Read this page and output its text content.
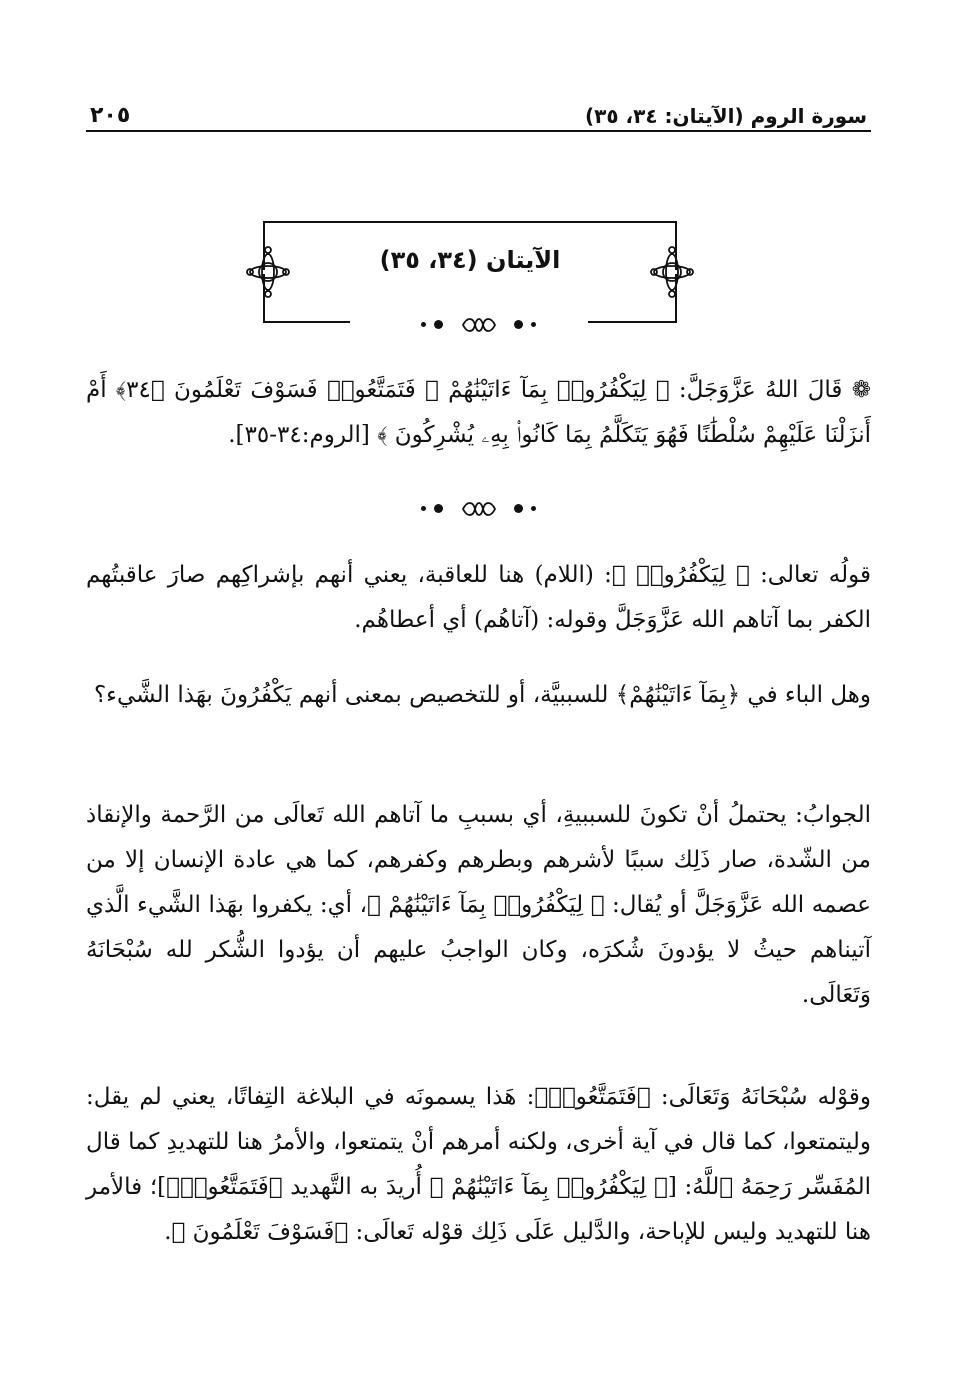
سورة الروم (الآيتان: ٣٤، ٣٥)
٢٠٥
الآيتان (٣٤، ٣٥)

❁ قَالَ اللهُ عَزَّوَجَلَّ: ﴿ لِيَكْفُرُوا۟ بِمَآ ءَاتَيْنَٰهُمْ ۚ فَتَمَتَّعُوا۟ فَسَوْفَ تَعْلَمُونَ ﴿٣٤﴾ أَمْ أَنزَلْنَا عَلَيْهِمْ سُلْطَٰنًا فَهُوَ يَتَكَلَّمُ بِمَا كَانُوا۟ بِهِۦ يُشْرِكُونَ ﴾ [الروم:٣٤-٣٥].

قولُه تعالى: ﴿ لِيَكْفُرُوا۟ ﴾: (اللام) هنا للعاقبة، يعني أنهم بإشراكِهم صارَ عاقبتُهم الكفر بما آتاهم الله عَزَّوَجَلَّ وقوله: (آتاهُم) أي أعطاهُم.
وهل الباء في ﴿بِمَآ ءَاتَيْنَٰهُمْ﴾ للسببيَّة، أو للتخصيص بمعنى أنهم يَكْفُرُونَ بهَذا الشَّيء؟
الجوابُ: يحتملُ أنْ تكونَ للسببيةِ، أي بسببِ ما آتاهم الله تَعالَى من الرَّحمة والإنقاذ من الشّدة، صار ذَلِك سببًا لأشرهم وبطرهم وكفرهم، كما هي عادة الإنسان إلا من عصمه الله عَزَّوَجَلَّ أو يُقال: ﴿ لِيَكْفُرُوا۟ بِمَآ ءَاتَيْنَٰهُمْ ﴾، أي: يكفروا بهَذا الشَّيء الَّذي آتيناهم حيثُ لا يؤدونَ شُكرَه، وكان الواجبُ عليهم أن يؤدوا الشُّكر لله سُبْحَانَهُ وَتَعَالَى.
وقوْله سُبْحَانَهُ وَتَعَالَى: ﴿فَتَمَتَّعُوا۟﴾: هَذا يسمونَه في البلاغة التِفاتًا، يعني لم يقل: وليتمتعوا، كما قال في آية أخرى، ولكنه أمرهم أنْ يتمتعوا، والأمرُ هنا للتهديدِ كما قال المُفَسِّر رَحِمَهُ ٱللَّهُ: [﴿ لِيَكْفُرُوا۟ بِمَآ ءَاتَيْنَٰهُمْ ﴾ أُريدَ به التَّهديد ﴿فَتَمَتَّعُوا۟﴾]؛ فالأمر هنا للتهديد وليس للإباحة، والدَّليل عَلَى ذَلِك قوْله تَعالَى: ﴿فَسَوْفَ تَعْلَمُونَ ﴾.
